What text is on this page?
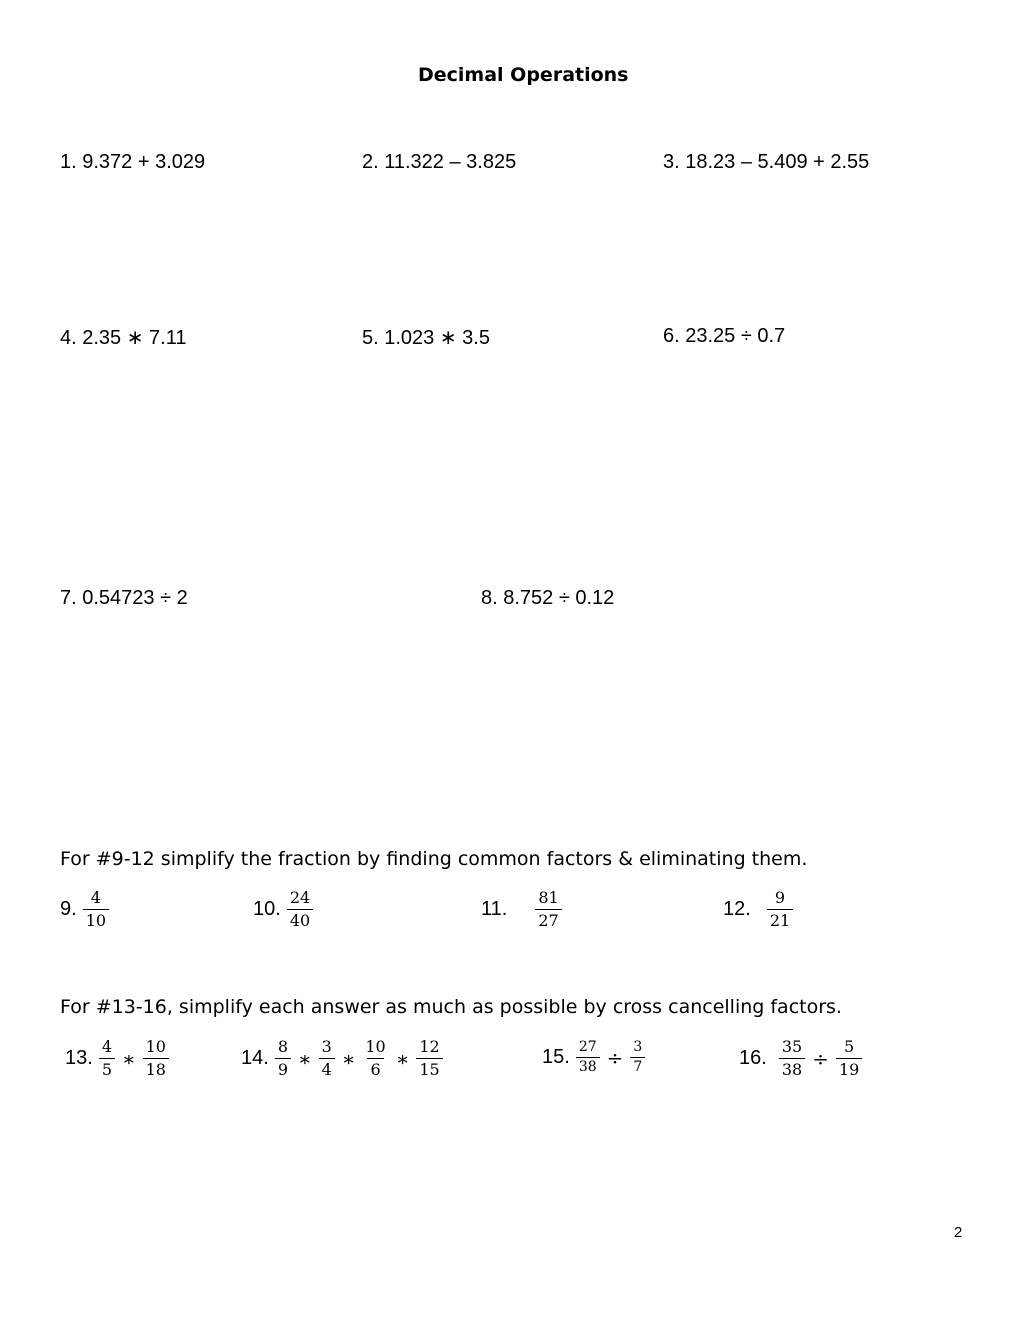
Decimal Operations
1. 9.372 + 3.029	2. 11.322 – 3.825	3. 18.23 – 5.409 + 2.55
4. 2.35 ∗ 7.11	5. 1.023 ∗ 3.5	6. 23.25 ÷ 0.7
7. 0.54723 ÷ 2	8. 8.752 ÷ 0.12
For #9-12 simplify the fraction by finding common factors & eliminating them.
9. $\frac{4}{10}$	10. $\frac{24}{40}$	11. $\frac{81}{27}$	12. $\frac{9}{21}$
For #13-16, simplify each answer as much as possible by cross cancelling factors.
13. $\frac{4}{5}$ ∗ $\frac{10}{18}$	14. $\frac{8}{9}$ ∗ $\frac{3}{4}$ ∗ $\frac{10}{6}$ ∗ $\frac{12}{15}$	15. $\frac{27}{38} \div \frac{3}{7}$	16. $\frac{35}{38} \div \frac{5}{19}$
2
